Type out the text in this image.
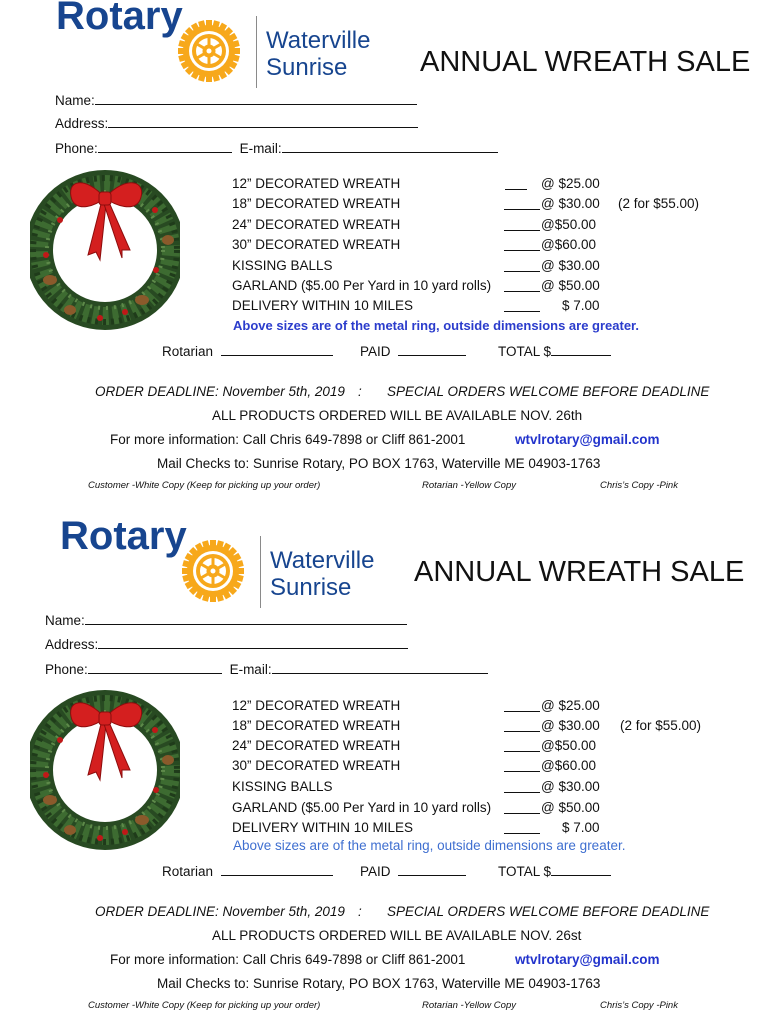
Rotary
Waterville
Sunrise	ANNUAL WREATH SALE
Name:
Address:
Phone:	E-mail:
12” DECORATED WREATH	@ $25.00
18” DECORATED WREATH	@ $30.00 (2 for $55.00)
24” DECORATED WREATH	@$50.00
30” DECORATED WREATH	@$60.00
KISSING BALLS	@ $30.00
GARLAND ($5.00 Per Yard in 10 yard rolls)	@ $50.00
DELIVERY WITHIN 10 MILES	$ 7.00
Above sizes are of the metal ring, outside dimensions are greater.
Rotarian	PAID	TOTAL $
ORDER DEADLINE: November 5th, 2019 : SPECIAL ORDERS WELCOME BEFORE DEADLINE
ALL PRODUCTS ORDERED WILL BE AVAILABLE NOV. 26th
For more information: Call Chris 649-7898 or Cliff 861-2001	wtvlrotary@gmail.com
Mail Checks to: Sunrise Rotary, PO BOX 1763, Waterville ME 04903-1763
Customer -White Copy (Keep for picking up your order)	Rotarian -Yellow Copy	Chris’s Copy -Pink
Rotary
Waterville
Sunrise ANNUAL WREATH SALE
Name:
Address:
Phone:	E-mail:
12” DECORATED WREATH	@ $25.00
18” DECORATED WREATH	@ $30.00 (2 for $55.00)
24” DECORATED WREATH	@$50.00
30” DECORATED WREATH	@$60.00
KISSING BALLS	@ $30.00
GARLAND ($5.00 Per Yard in 10 yard rolls)	@ $50.00
DELIVERY WITHIN 10 MILES	$ 7.00
Above sizes are of the metal ring, outside dimensions are greater.
Rotarian	PAID	TOTAL $
ORDER DEADLINE: November 5th, 2019 : SPECIAL ORDERS WELCOME BEFORE DEADLINE
ALL PRODUCTS ORDERED WILL BE AVAILABLE NOV. 26st
For more information: Call Chris 649-7898 or Cliff 861-2001	wtvlrotary@gmail.com
Mail Checks to: Sunrise Rotary, PO BOX 1763, Waterville ME 04903-1763
Customer -White Copy (Keep for picking up your order)	Rotarian -Yellow Copy	Chris’s Copy -Pink
